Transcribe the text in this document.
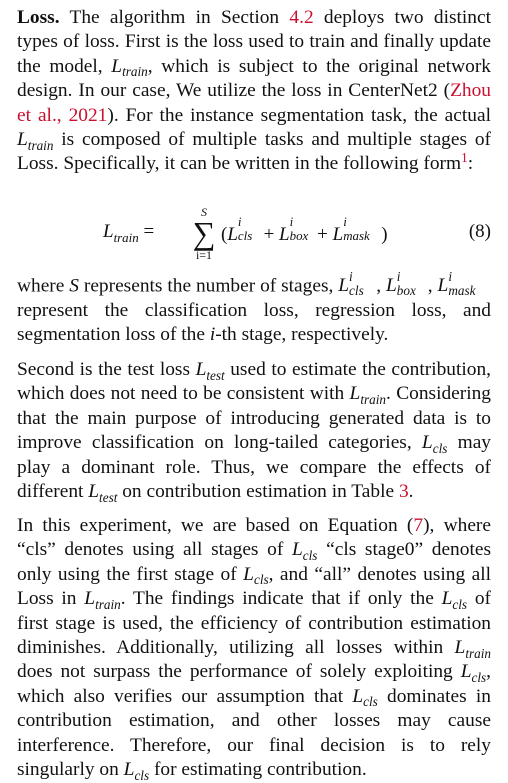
Loss. The algorithm in Section 4.2 deploys two distinct types of loss. First is the loss used to train and finally update the model, $L_{train}$, which is subject to the original network design. In our case, We utilize the loss in CenterNet2 (Zhou et al., 2021). For the instance segmentation task, the actual $L_{train}$ is composed of multiple tasks and multiple stages of Loss. Specifically, it can be written in the following form$^1$:
$L_{train}$ =
S
∑
i=1
(L
i
cls + L
i
box + L
i
mask )	(8)
where S represents the number of stages, L i
cls , L i
box , L i
mask
represent the classification loss, regression loss, and segmentation loss of the i-th stage, respectively.
Second is the test loss $L_{test}$ used to estimate the contribution, which does not need to be consistent with $L_{train}$. Considering that the main purpose of introducing generated data is to improve classification on long-tailed categories, $L_{cls}$ may play a dominant role. Thus, we compare the effects of different $L_{test}$ on contribution estimation in Table 3.
In this experiment, we are based on Equation (7), where “cls” denotes using all stages of $L_{cls}$ “cls stage0” denotes only using the first stage of $L_{cls}$, and “all” denotes using all Loss in $L_{train}$. The findings indicate that if only the $L_{cls}$ of first stage is used, the efficiency of contribution estimation diminishes. Additionally, utilizing all losses within $L_{train}$ does not surpass the performance of solely exploiting $L_{cls}$, which also verifies our assumption that $L_{cls}$ dominates in contribution estimation, and other losses may cause interference. Therefore, our final decision is to rely singularly on $L_{cls}$ for estimating contribution.
